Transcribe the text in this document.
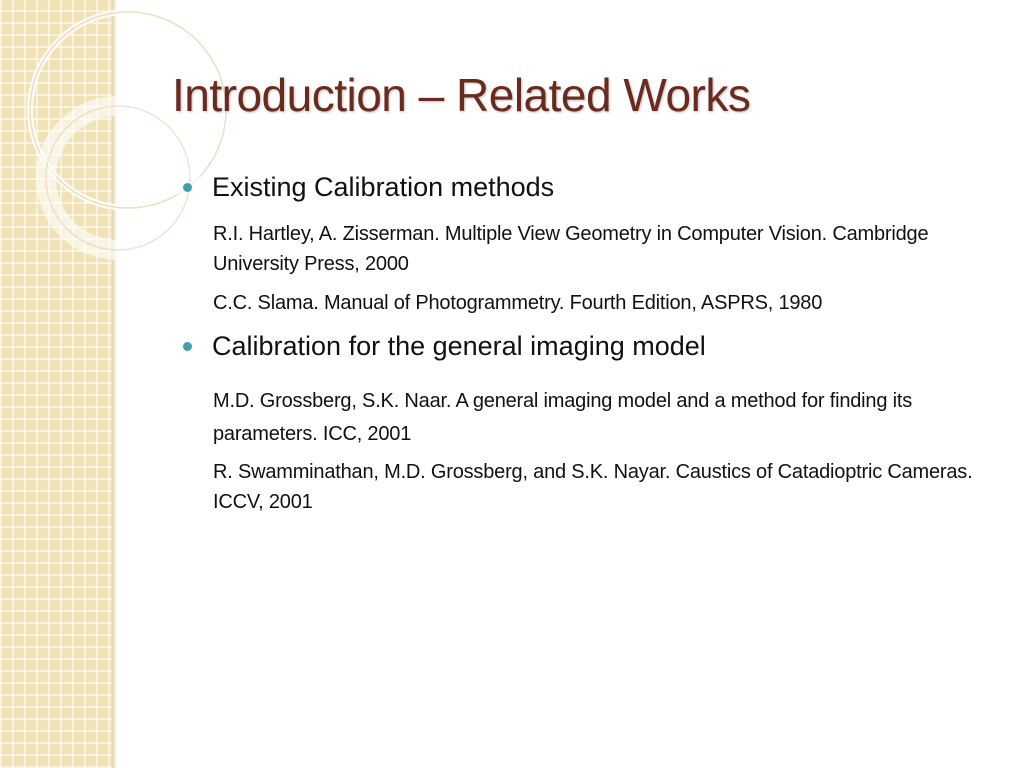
Introduction – Related Works
Existing Calibration methods
R.I. Hartley, A. Zisserman. Multiple View Geometry in Computer Vision. Cambridge University Press, 2000
C.C. Slama. Manual of Photogrammetry. Fourth Edition, ASPRS, 1980
Calibration for the general imaging model
M.D. Grossberg, S.K. Naar. A general imaging model and a method for finding its parameters. ICC, 2001
R. Swamminathan, M.D. Grossberg, and S.K. Nayar. Caustics of Catadioptric Cameras. ICCV, 2001
